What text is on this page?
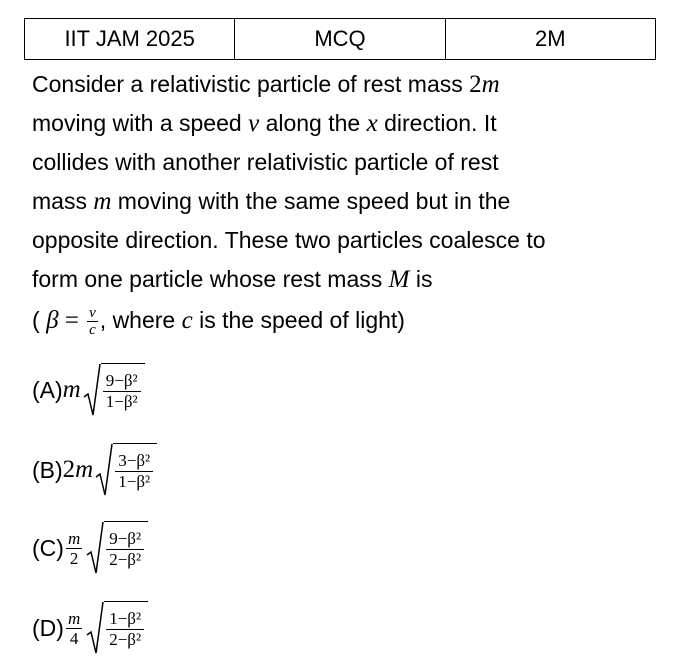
IIT JAM 2025	MCQ	2M

Consider a relativistic particle of rest mass 2m

moving with a speed v along the x direction. It

collides with another relativistic particle of rest

mass m moving with the same speed but in the

opposite direction. These two particles coalesce to

form one particle whose rest mass M is

( $\beta = \frac{v}{c}$ , where c is the speed of light)

(A) m $\frac{\text{9−β²}}{\text{1−β²}}$
(B) 2 m $\frac{\text{3−β²}}{\text{1−β²}}$
$(C) \frac{m}{2} \frac{\text{9−β²}}{\text{2−β²}}$
$(D) \frac{m}{4} \frac{\text{1−β²}}{\text{2−β²}}$
